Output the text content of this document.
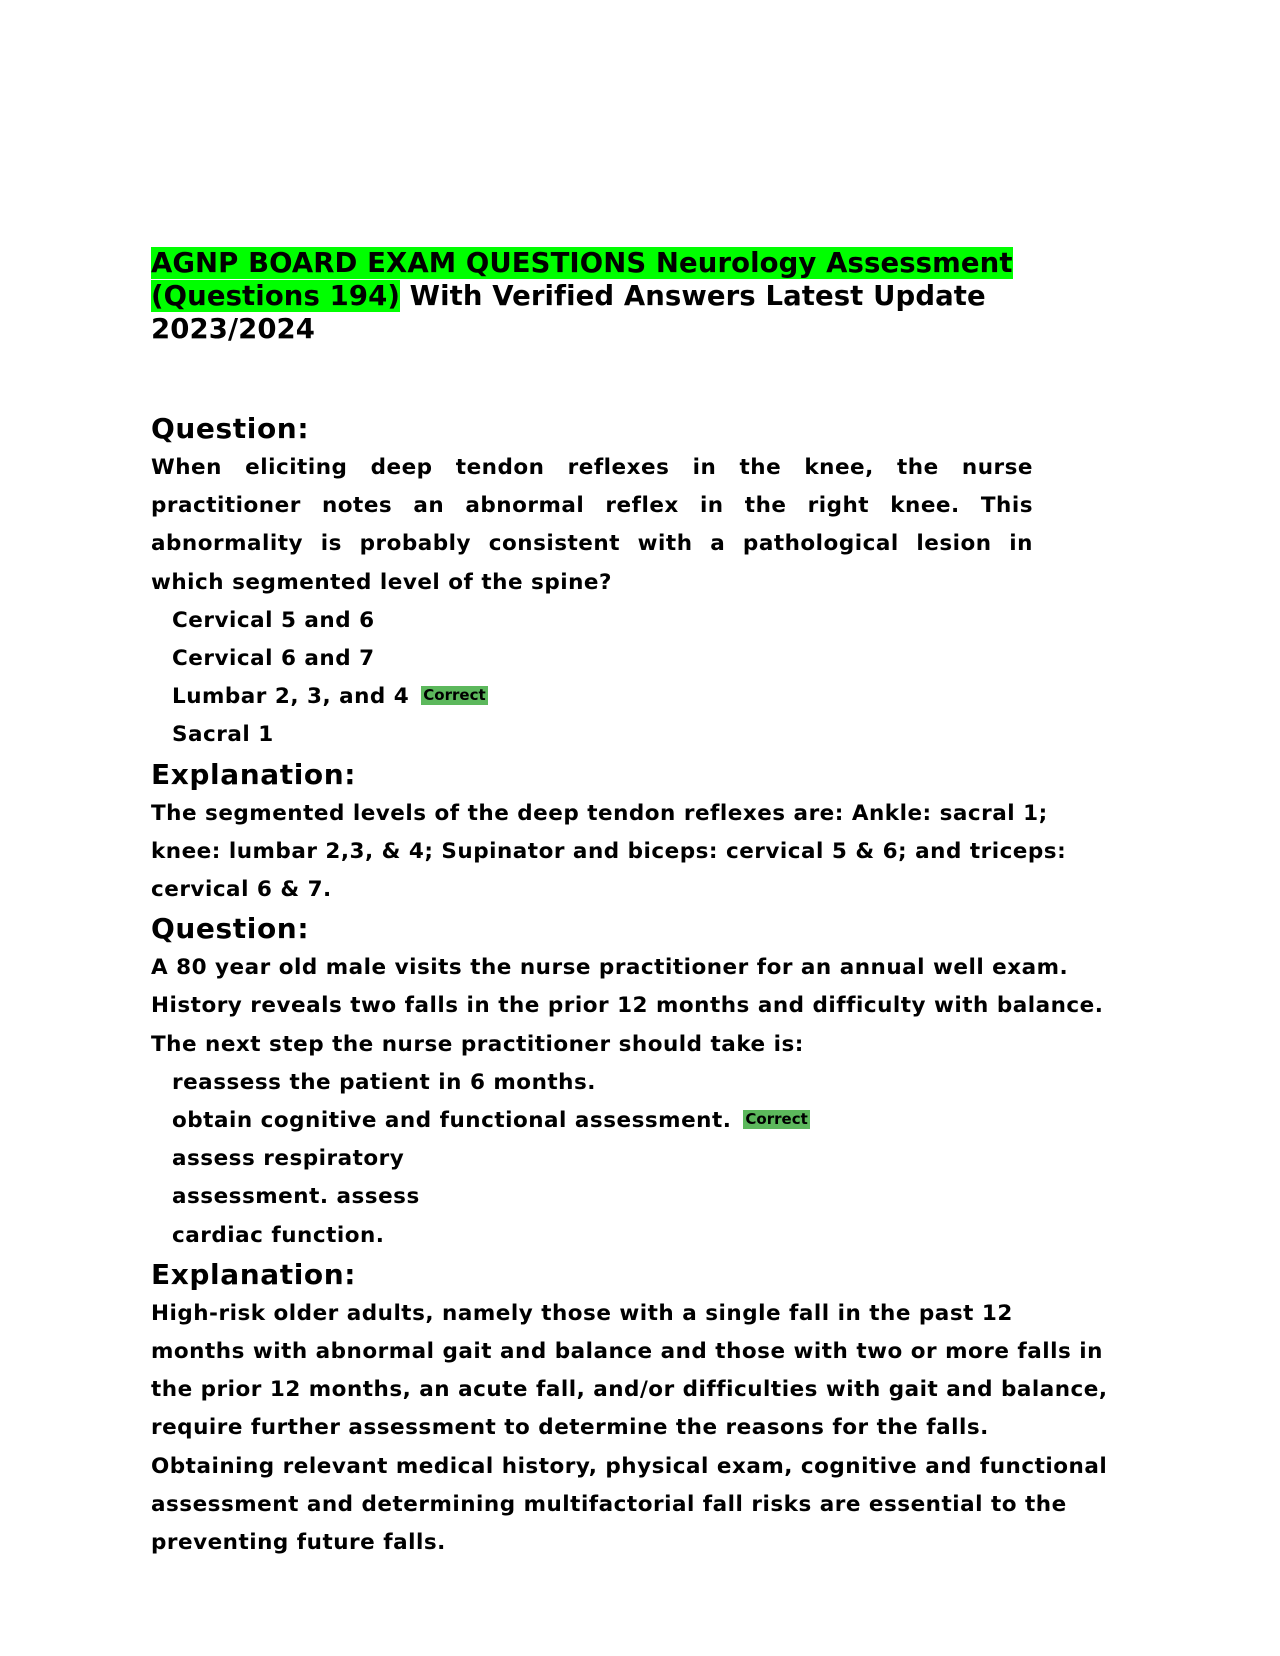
AGNP BOARD EXAM QUESTIONS Neurology Assessment (Questions 194) With Verified Answers Latest Update 2023/2024
Question:

When eliciting deep tendon reflexes in the knee, the nurse practitioner notes an abnormal reflex in the right knee. This abnormality is probably consistent with a pathological lesion in which segmented level of the spine?

Cervical 5 and 6
Cervical 6 and 7
Lumbar 2, 3, and 4 Correct
Sacral 1
Explanation:

The segmented levels of the deep tendon reflexes are: Ankle: sacral 1; knee: lumbar 2,3, & 4; Supinator and biceps: cervical 5 & 6; and triceps: cervical 6 & 7.

Question:

A 80 year old male visits the nurse practitioner for an annual well exam. History reveals two falls in the prior 12 months and difficulty with balance. The next step the nurse practitioner should take is:

reassess the patient in 6 months.
obtain cognitive and functional assessment. Correct
assess respiratory
assessment. assess
cardiac function.
Explanation:

High-risk older adults, namely those with a single fall in the past 12 months with abnormal gait and balance and those with two or more falls in the prior 12 months, an acute fall, and/or difficulties with gait and balance, require further assessment to determine the reasons for the falls. Obtaining relevant medical history, physical exam, cognitive and functional assessment and determining multifactorial fall risks are essential to the preventing future falls.
